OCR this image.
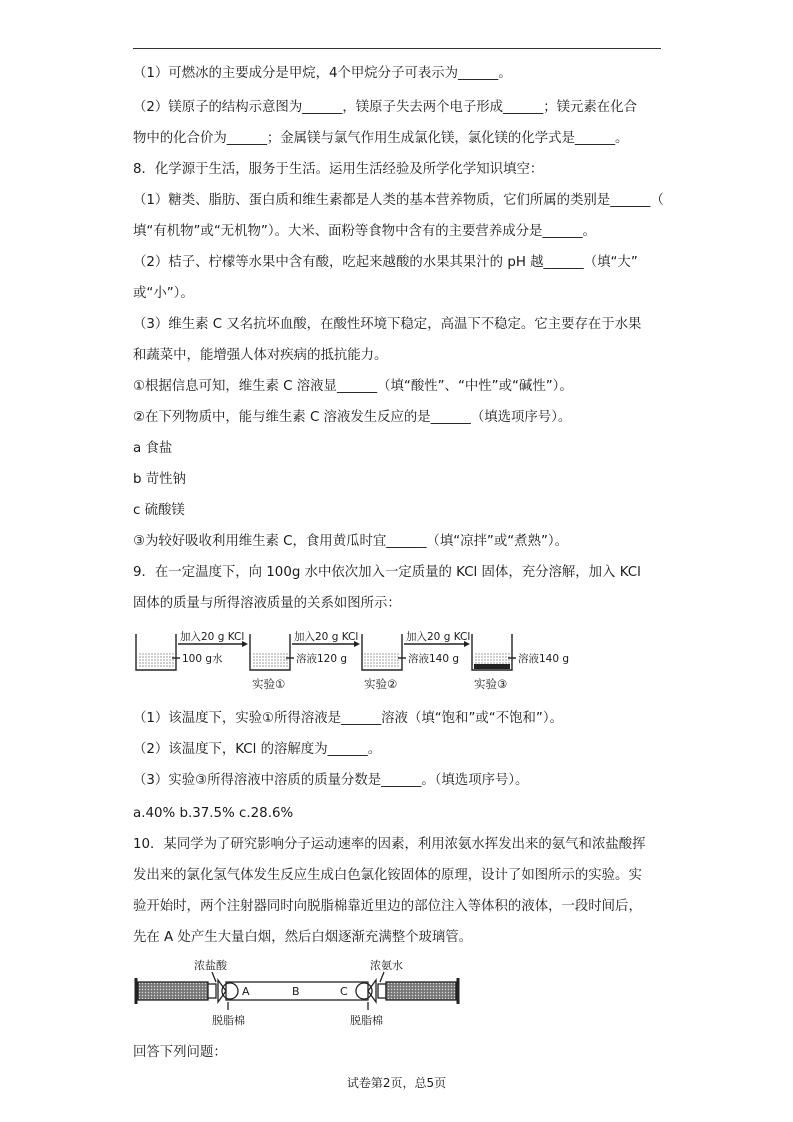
（1）可燃冰的主要成分是甲烷，4个甲烷分子可表示为______。
（2）镁原子的结构示意图为______，镁原子失去两个电子形成______；镁元素在化合
物中的化合价为______；金属镁与氯气作用生成氯化镁，氯化镁的化学式是______。
8．化学源于生活，服务于生活。运用生活经验及所学化学知识填空：
（1）糖类、脂肪、蛋白质和维生素都是人类的基本营养物质，它们所属的类别是______（
填“有机物”或“无机物”）。大米、面粉等食物中含有的主要营养成分是______。
（2）桔子、柠檬等水果中含有酸，吃起来越酸的水果其果汁的 pH 越______（填“大”
或“小”）。
（3）维生素 C 又名抗坏血酸，在酸性环境下稳定，高温下不稳定。它主要存在于水果
和蔬菜中，能增强人体对疾病的抵抗能力。
①根据信息可知，维生素 C 溶液显______（填“酸性”、“中性”或“碱性”）。
②在下列物质中，能与维生素 C 溶液发生反应的是______（填选项序号）。
a 食盐
b 苛性钠
c 硫酸镁
③为较好吸收利用维生素 C，食用黄瓜时宜______（填“凉拌”或“煮熟”）。
9．在一定温度下，向 100g 水中依次加入一定质量的 KCl 固体，充分溶解，加入 KCl
固体的质量与所得溶液质量的关系如图所示：
加入20 g KCl	加入20 g KCl	加入20 g KCl
100 g水	溶液120 g	溶液140 g	溶液140 g
实验①	实验②	实验③
（1）该温度下，实验①所得溶液是______溶液（填“饱和”或“不饱和”）。
（2）该温度下，KCl 的溶解度为______。
（3）实验③所得溶液中溶质的质量分数是______。（填选项序号）。
a.40% b.37.5% c.28.6%
10．某同学为了研究影响分子运动速率的因素，利用浓氨水挥发出来的氨气和浓盐酸挥
发出来的氯化氢气体发生反应生成白色氯化铵固体的原理，设计了如图所示的实验。实
验开始时，两个注射器同时向脱脂棉靠近里边的部位注入等体积的液体，一段时间后，
先在 A 处产生大量白烟，然后白烟逐渐充满整个玻璃管。
浓盐酸	浓氨水
A	B	C
脱脂棉	脱脂棉
回答下列问题：
试卷第2页，总5页
